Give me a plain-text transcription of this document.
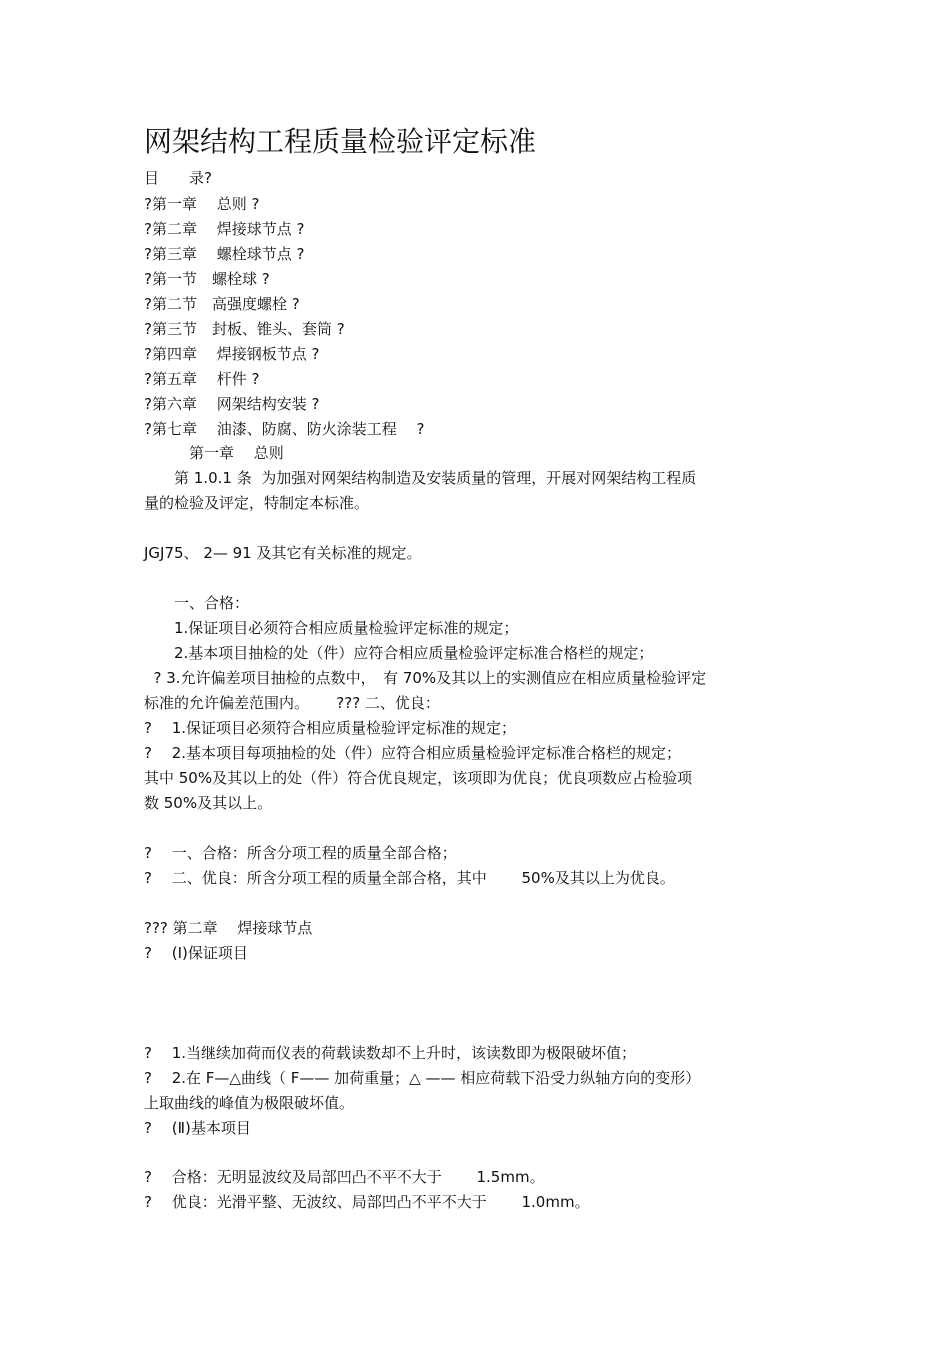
网架结构工程质量检验评定标准
目　　录?
?第一章　 总则 ?
?第二章　 焊接球节点 ?
?第三章　 螺栓球节点 ?
?第一节　螺栓球 ?
?第二节　高强度螺栓 ?
?第三节　封板、锥头、套筒 ?
?第四章　 焊接钢板节点 ?
?第五章　 杆件 ?
?第六章　 网架结构安装 ?
?第七章　 油漆、防腐、防火涂装工程　 ?
　　　第一章　 总则
　　第 1.0.1 条  为加强对网架结构制造及安装质量的管理，开展对网架结构工程质
量的检验及评定，特制定本标准。
JGJ75、 2— 91 及其它有关标准的规定。
　　一、合格：
　　1.保证项目必须符合相应质量检验评定标准的规定；
　　2.基本项目抽检的处（件）应符合相应质量检验评定标准合格栏的规定；
? 3.允许偏差项目抽检的点数中，　有 70%及其以上的实测值应在相应质量检验评定
标准的允许偏差范围内。　　 ??? 二、优良：
?　 1.保证项目必须符合相应质量检验评定标准的规定；
?　 2.基本项目每项抽检的处（件）应符合相应质量检验评定标准合格栏的规定；
其中 50%及其以上的处（件）符合优良规定，该项即为优良；优良项数应占检验项
数 50%及其以上。
?　 一、合格：所含分项工程的质量全部合格；
?　 二、优良：所含分项工程的质量全部合格，其中　　 50%及其以上为优良。
??? 第二章　 焊接球节点
?　 (Ⅰ)保证项目
?　 1.当继续加荷而仪表的荷载读数却不上升时，该读数即为极限破坏值；
?　 2.在 F—△曲线（ F—— 加荷重量；△ —— 相应荷载下沿受力纵轴方向的变形）
上取曲线的峰值为极限破坏值。
?　 (Ⅱ)基本项目
?　 合格：无明显波纹及局部凹凸不平不大于　　 1.5mm。
?　 优良：光滑平整、无波纹、局部凹凸不平不大于　　 1.0mm。
